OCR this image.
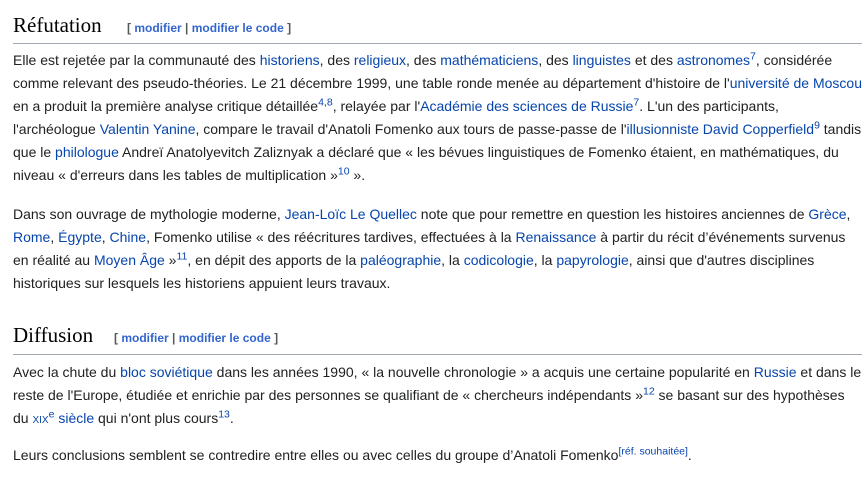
Réfutation [ modifier | modifier le code ]

Elle est rejetée par la communauté des historiens, des religieux, des mathématiciens, des linguistes et des astronomes$^7$, considérée comme relevant des pseudo-théories. Le 21 décembre 1999, une table ronde menée au département d'histoire de l'université de Moscou en a produit la première analyse critique détaillée$^{4,8}$, relayée par l'Académie des sciences de Russie$^7$. L'un des participants, l'archéologue Valentin Yanine, compare le travail d'Anatoli Fomenko aux tours de passe-passe de l'illusionniste David Copperfield$^9$ tandis que le philologue Andreï Anatolyevitch Zaliznyak a déclaré que « les bévues linguistiques de Fomenko étaient, en mathématiques, du niveau « d'erreurs dans les tables de multiplication »$^{10}$ ».

Dans son ouvrage de mythologie moderne, Jean-Loïc Le Quellec note que pour remettre en question les histoires anciennes de Grèce, Rome, Égypte, Chine, Fomenko utilise « des réécritures tardives, effectuées à la Renaissance à partir du récit d’événements survenus en réalité au Moyen Âge »$^{11}$, en dépit des apports de la paléographie, la codicologie, la papyrologie, ainsi que d'autres disciplines historiques sur lesquels les historiens appuient leurs travaux.

Diffusion [ modifier | modifier le code ]

Avec la chute du bloc soviétique dans les années 1990, « la nouvelle chronologie » a acquis une certaine popularité en Russie et dans le reste de l'Europe, étudiée et enrichie par des personnes se qualifiant de « chercheurs indépendants »$^{12}$ se basant sur des hypothèses du xix$^e$ siècle qui n'ont plus cours$^{13}$.

Leurs conclusions semblent se contredire entre elles ou avec celles du groupe d’Anatoli Fomenko[réf. souhaitée].
